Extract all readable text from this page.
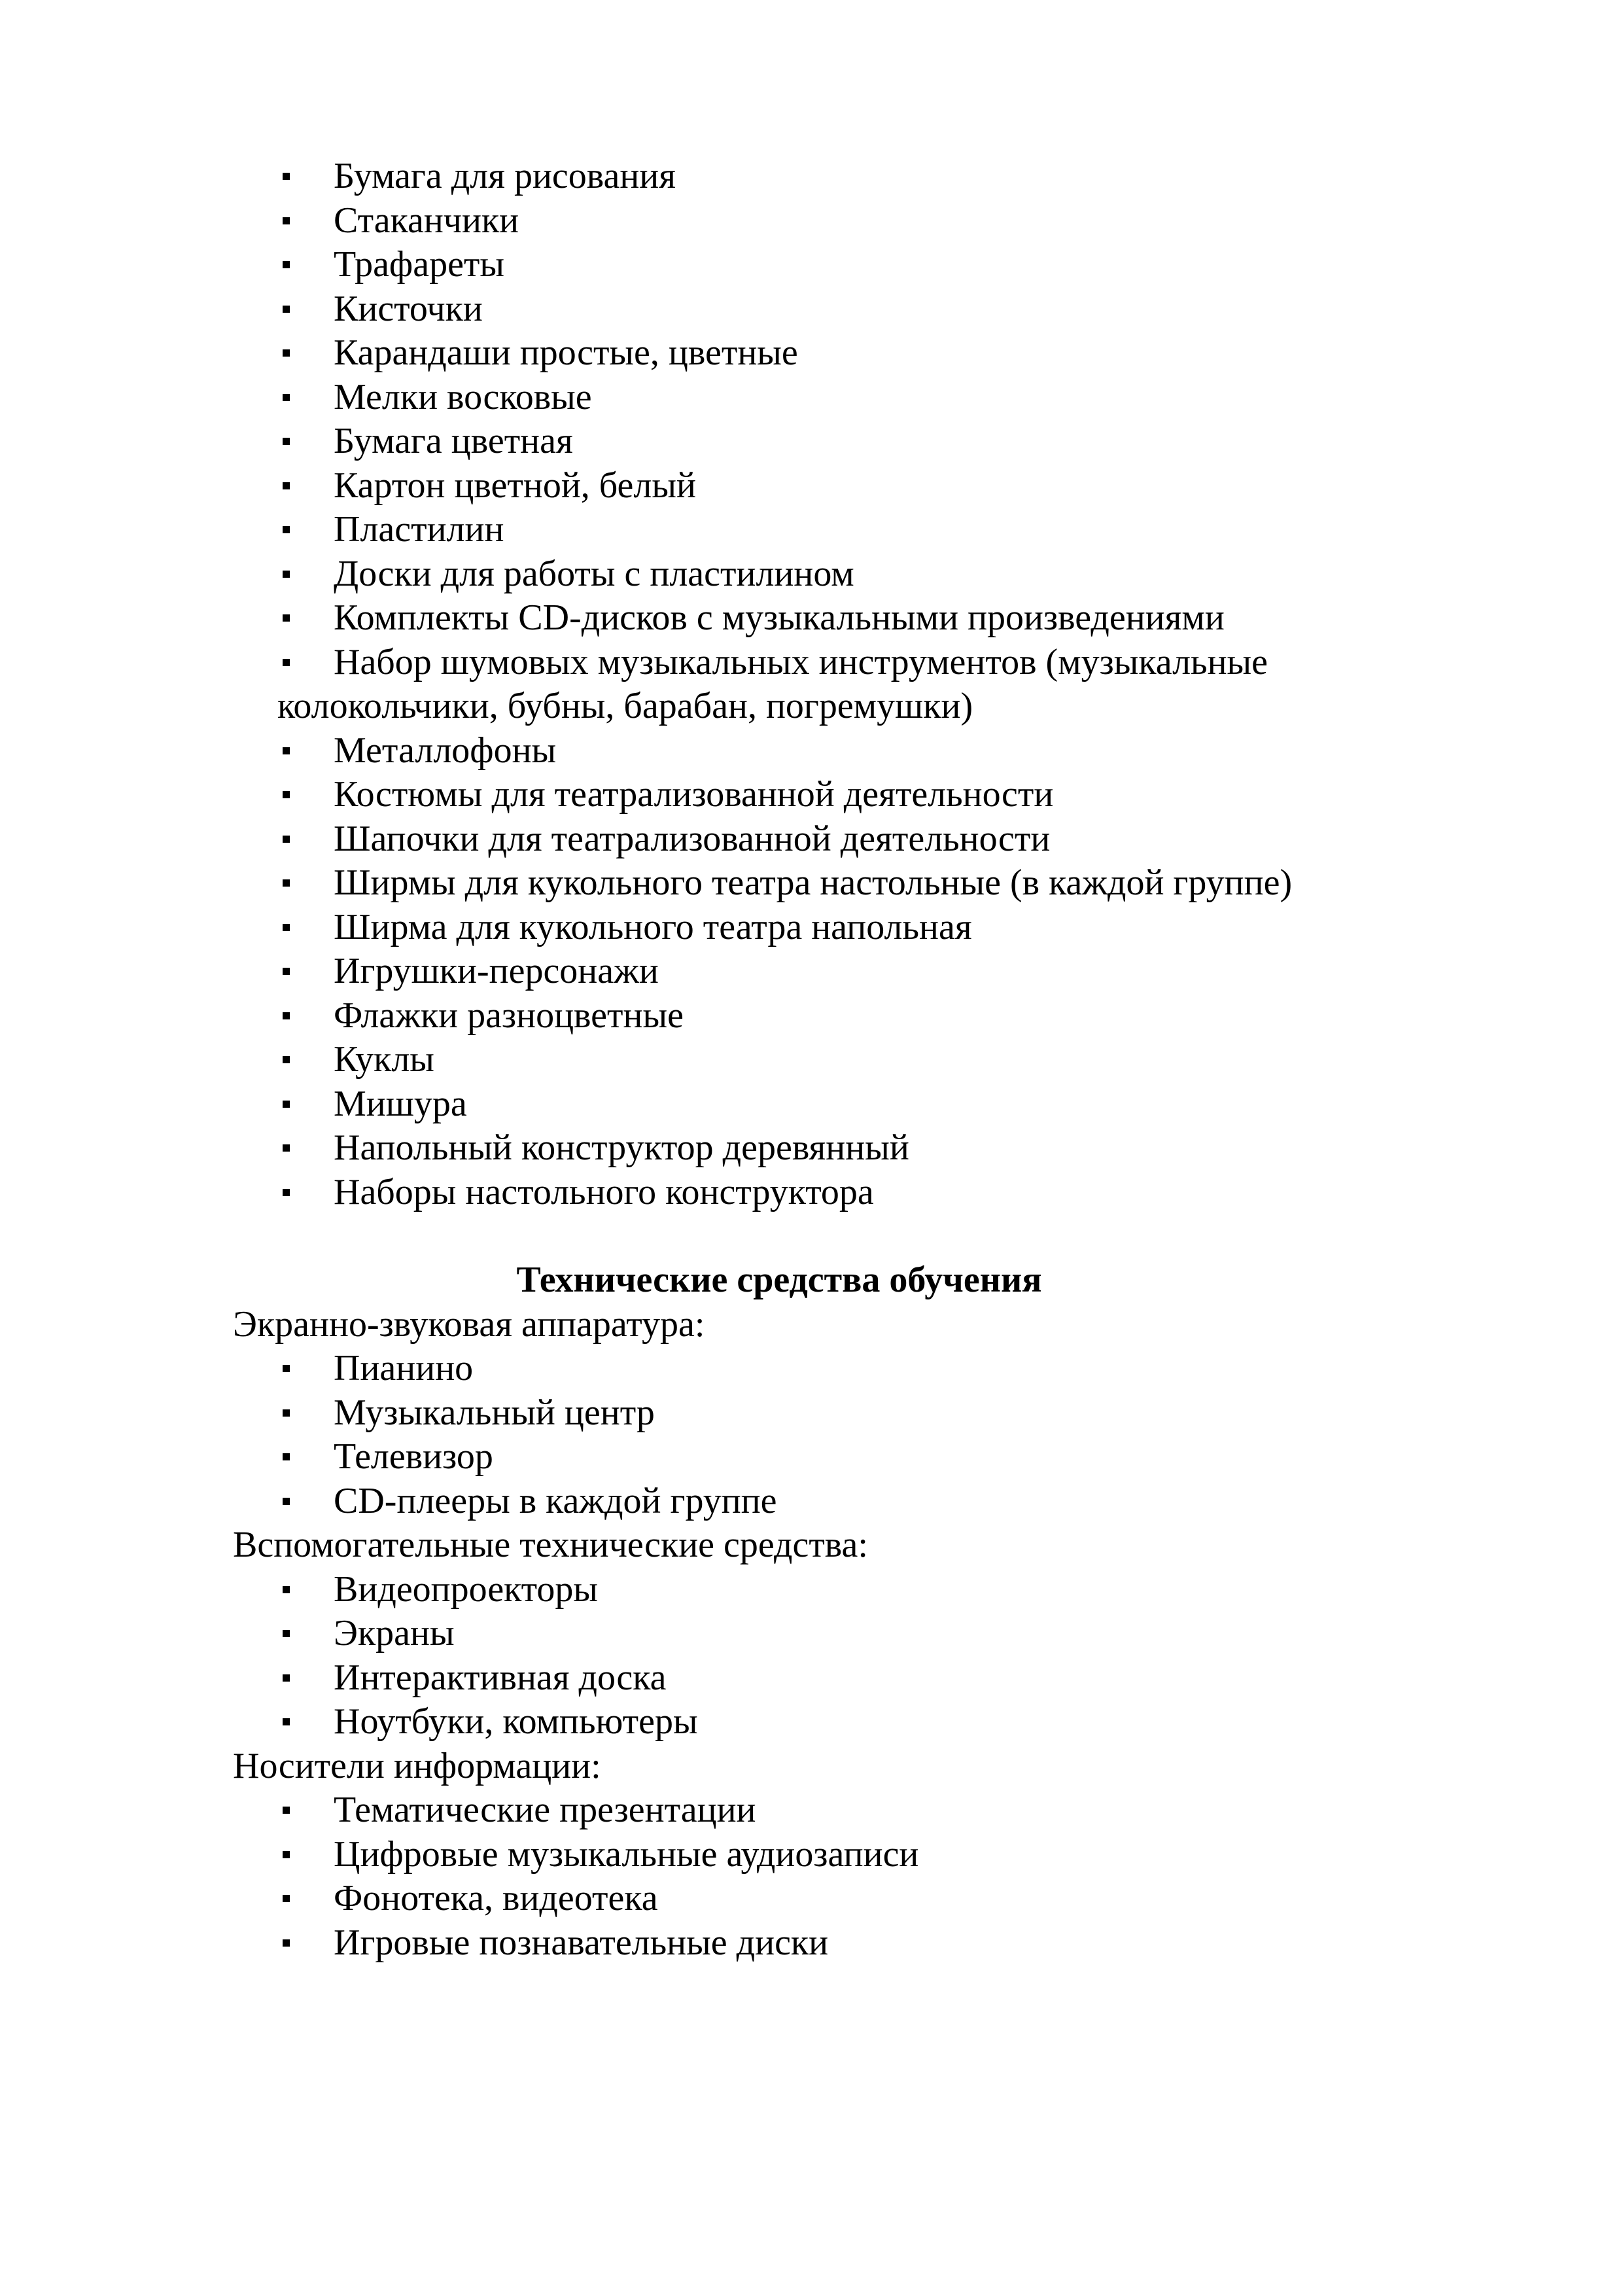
Бумага для рисования
Стаканчики
Трафареты
Кисточки
Карандаши простые, цветные
Мелки восковые
Бумага цветная
Картон цветной, белый
Пластилин
Доски для работы с пластилином
Комплекты CD-дисков с музыкальными произведениями
Набор шумовых музыкальных инструментов (музыкальные
колокольчики, бубны, барабан, погремушки)
Металлофоны
Костюмы для театрализованной деятельности
Шапочки для театрализованной деятельности
Ширмы для кукольного театра настольные (в каждой группе)
Ширма для кукольного театра напольная
Игрушки-персонажи
Флажки разноцветные
Куклы
Мишура
Напольный конструктор деревянный
Наборы настольного конструктора

Технические средства обучения

Экранно-звуковая аппаратура:

Пианино
Музыкальный центр
Телевизор
CD-плееры в каждой группе

Вспомогательные технические средства:

Видеопроекторы
Экраны
Интерактивная доска
Ноутбуки, компьютеры

Носители информации:

Тематические презентации
Цифровые музыкальные аудиозаписи
Фонотека, видеотека
Игровые познавательные диски
